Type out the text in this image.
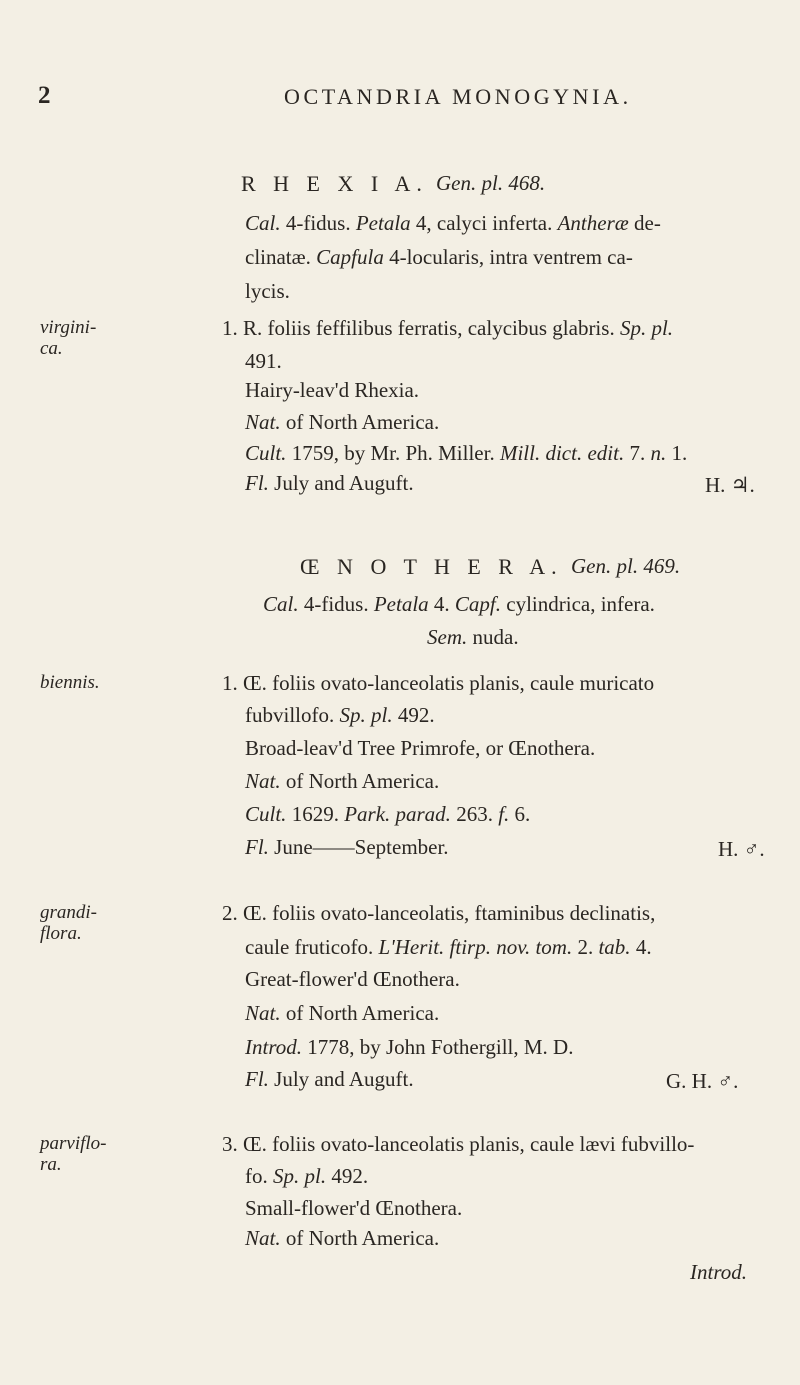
2	OCTANDRIA MONOGYNIA.
R H E X I A. Gen. pl. 468.
Cal. 4-fidus. Petala 4, calyci inferta. Antheræ de-
clinatæ. Capfula 4-locularis, intra ventrem ca-
lycis.
virgini-
ca.
1. R. foliis feffilibus ferratis, calycibus glabris. Sp. pl.
491.
Hairy-leav'd Rhexia.
Nat. of North America.
Cult. 1759, by Mr. Ph. Miller. Mill. dict. edit. 7. n. 1.
Fl. July and Auguft.	H. ♃.
Œ N O T H E R A. Gen. pl. 469.
Cal. 4-fidus. Petala 4. Capf. cylindrica, infera.
Sem. nuda.
biennis.	1. Œ. foliis ovato-lanceolatis planis, caule muricato
fubvillofo. Sp. pl. 492.
Broad-leav'd Tree Primrofe, or Œnothera.
Nat. of North America.
Cult. 1629. Park. parad. 263. f. 6.
Fl. June——September.	H. ♂.
grandi-
flora.
2. Œ. foliis ovato-lanceolatis, ftaminibus declinatis,
caule fruticofo. L'Herit. ftirp. nov. tom. 2. tab. 4.
Great-flower'd Œnothera.
Nat. of North America.
Introd. 1778, by John Fothergill, M. D.
Fl. July and Auguft.	G. H. ♂.
parviflo-
ra.
3. Œ. foliis ovato-lanceolatis planis, caule lævi fubvillo-
fo. Sp. pl. 492.
Small-flower'd Œnothera.
Nat. of North America.
Introd.
